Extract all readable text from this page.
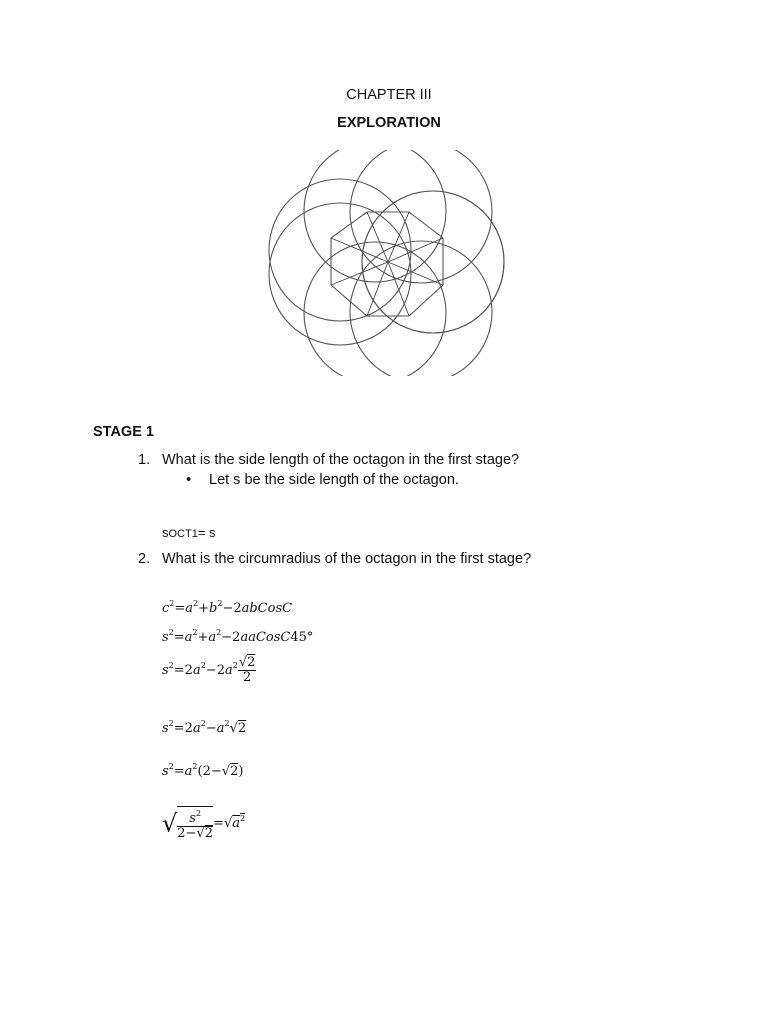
CHAPTER III
EXPLORATION
STAGE 1
1. What is the side length of the octagon in the first stage?
• Let s be the side length of the octagon.
sOCT1= s
2. What is the circumradius of the octagon in the first stage?
$c^2=a^2+b^2-2abCosC$
$s^2=a^2+a^2-2aaCosC45^\circ$
$s^2=2a^2-2a^2 \frac{√2}{2}$
$s^2=2a^2-a^2√2$
$s^2=a^2(2-√2)$
√ $\frac{s^2}{2-√2} =√a^2$
